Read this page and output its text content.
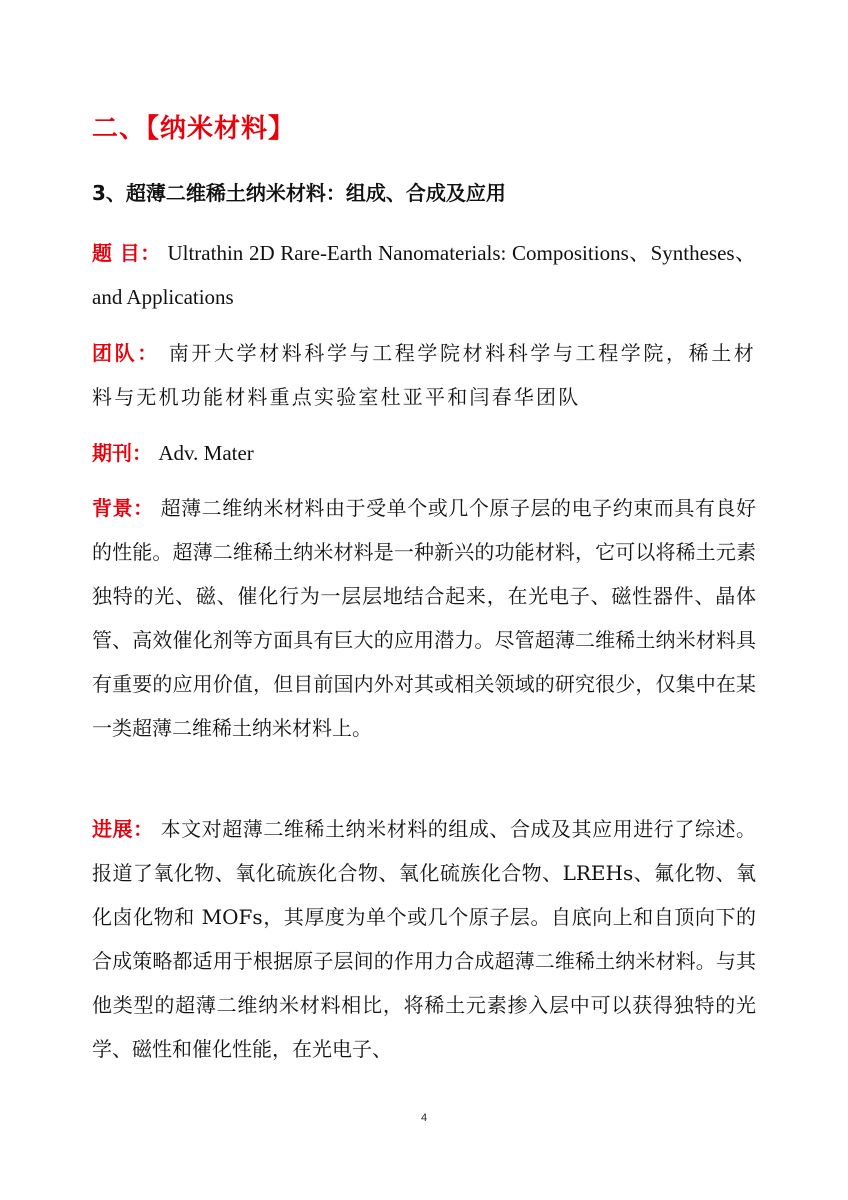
二、【纳米材料】
3、超薄二维稀土纳米材料：组成、合成及应用
题 目： Ultrathin 2D Rare-Earth Nanomaterials: Compositions、Syntheses、and Applications
团队： 南开大学材料科学与工程学院材料科学与工程学院，稀土材料与无机功能材料重点实验室杜亚平和闫春华团队
期刊： Adv. Mater
背景： 超薄二维纳米材料由于受单个或几个原子层的电子约束而具有良好的性能。超薄二维稀土纳米材料是一种新兴的功能材料，它可以将稀土元素独特的光、磁、催化行为一层层地结合起来，在光电子、磁性器件、晶体管、高效催化剂等方面具有巨大的应用潜力。尽管超薄二维稀土纳米材料具有重要的应用价值，但目前国内外对其或相关领域的研究很少，仅集中在某一类超薄二维稀土纳米材料上。
进展： 本文对超薄二维稀土纳米材料的组成、合成及其应用进行了综述。报道了氧化物、氧化硫族化合物、氧化硫族化合物、LREHs、氟化物、氧化卤化物和 MOFs，其厚度为单个或几个原子层。自底向上和自顶向下的合成策略都适用于根据原子层间的作用力合成超薄二维稀土纳米材料。与其他类型的超薄二维纳米材料相比，将稀土元素掺入层中可以获得独特的光学、磁性和催化性能，在光电子、
4
